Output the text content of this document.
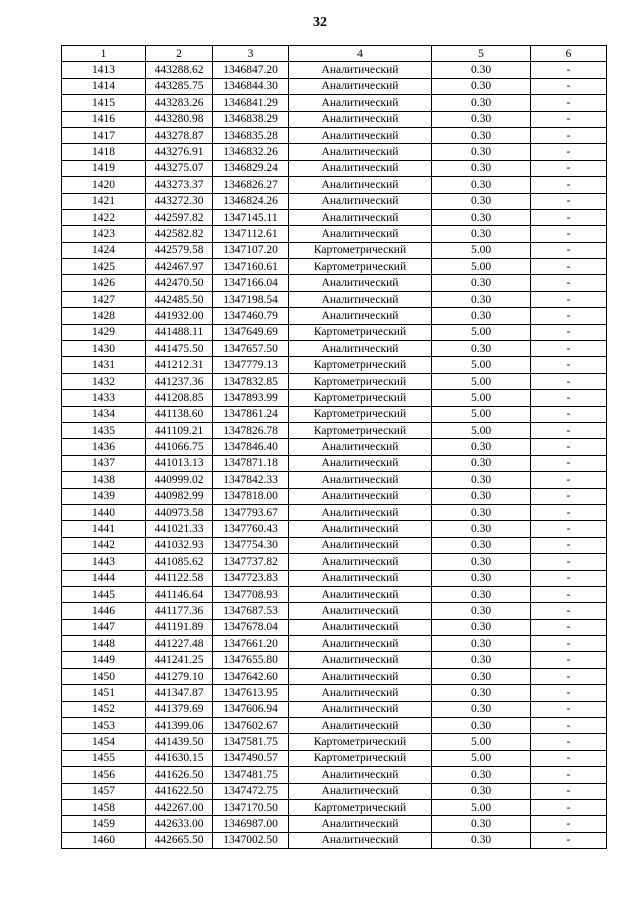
32
1	2	3	4	5	6
1413	443288.62	1346847.20	Аналитический	0.30	-
1414	443285.75	1346844.30	Аналитический	0.30	-
1415	443283.26	1346841.29	Аналитический	0.30	-
1416	443280.98	1346838.29	Аналитический	0.30	-
1417	443278.87	1346835.28	Аналитический	0.30	-
1418	443276.91	1346832.26	Аналитический	0.30	-
1419	443275.07	1346829.24	Аналитический	0.30	-
1420	443273.37	1346826.27	Аналитический	0.30	-
1421	443272.30	1346824.26	Аналитический	0.30	-
1422	442597.82	1347145.11	Аналитический	0.30	-
1423	442582.82	1347112.61	Аналитический	0.30	-
1424	442579.58	1347107.20	Картометрический	5.00	-
1425	442467.97	1347160.61	Картометрический	5.00	-
1426	442470.50	1347166.04	Аналитический	0.30	-
1427	442485.50	1347198.54	Аналитический	0.30	-
1428	441932.00	1347460.79	Аналитический	0.30	-
1429	441488.11	1347649.69	Картометрический	5.00	-
1430	441475.50	1347657.50	Аналитический	0.30	-
1431	441212.31	1347779.13	Картометрический	5.00	-
1432	441237.36	1347832.85	Картометрический	5.00	-
1433	441208.85	1347893.99	Картометрический	5.00	-
1434	441138.60	1347861.24	Картометрический	5.00	-
1435	441109.21	1347826.78	Картометрический	5.00	-
1436	441066.75	1347846.40	Аналитический	0.30	-
1437	441013.13	1347871.18	Аналитический	0.30	-
1438	440999.02	1347842.33	Аналитический	0.30	-
1439	440982.99	1347818.00	Аналитический	0.30	-
1440	440973.58	1347793.67	Аналитический	0.30	-
1441	441021.33	1347760.43	Аналитический	0.30	-
1442	441032.93	1347754.30	Аналитический	0.30	-
1443	441085.62	1347737.82	Аналитический	0.30	-
1444	441122.58	1347723.83	Аналитический	0.30	-
1445	441146.64	1347708.93	Аналитический	0.30	-
1446	441177.36	1347687.53	Аналитический	0.30	-
1447	441191.89	1347678.04	Аналитический	0.30	-
1448	441227.48	1347661.20	Аналитический	0.30	-
1449	441241.25	1347655.80	Аналитический	0.30	-
1450	441279.10	1347642.60	Аналитический	0.30	-
1451	441347.87	1347613.95	Аналитический	0.30	-
1452	441379.69	1347606.94	Аналитический	0.30	-
1453	441399.06	1347602.67	Аналитический	0.30	-
1454	441439.50	1347581.75	Картометрический	5.00	-
1455	441630.15	1347490.57	Картометрический	5.00	-
1456	441626.50	1347481.75	Аналитический	0.30	-
1457	441622.50	1347472.75	Аналитический	0.30	-
1458	442267.00	1347170.50	Картометрический	5.00	-
1459	442633.00	1346987.00	Аналитический	0.30	-
1460	442665.50	1347002.50	Аналитический	0.30	-
